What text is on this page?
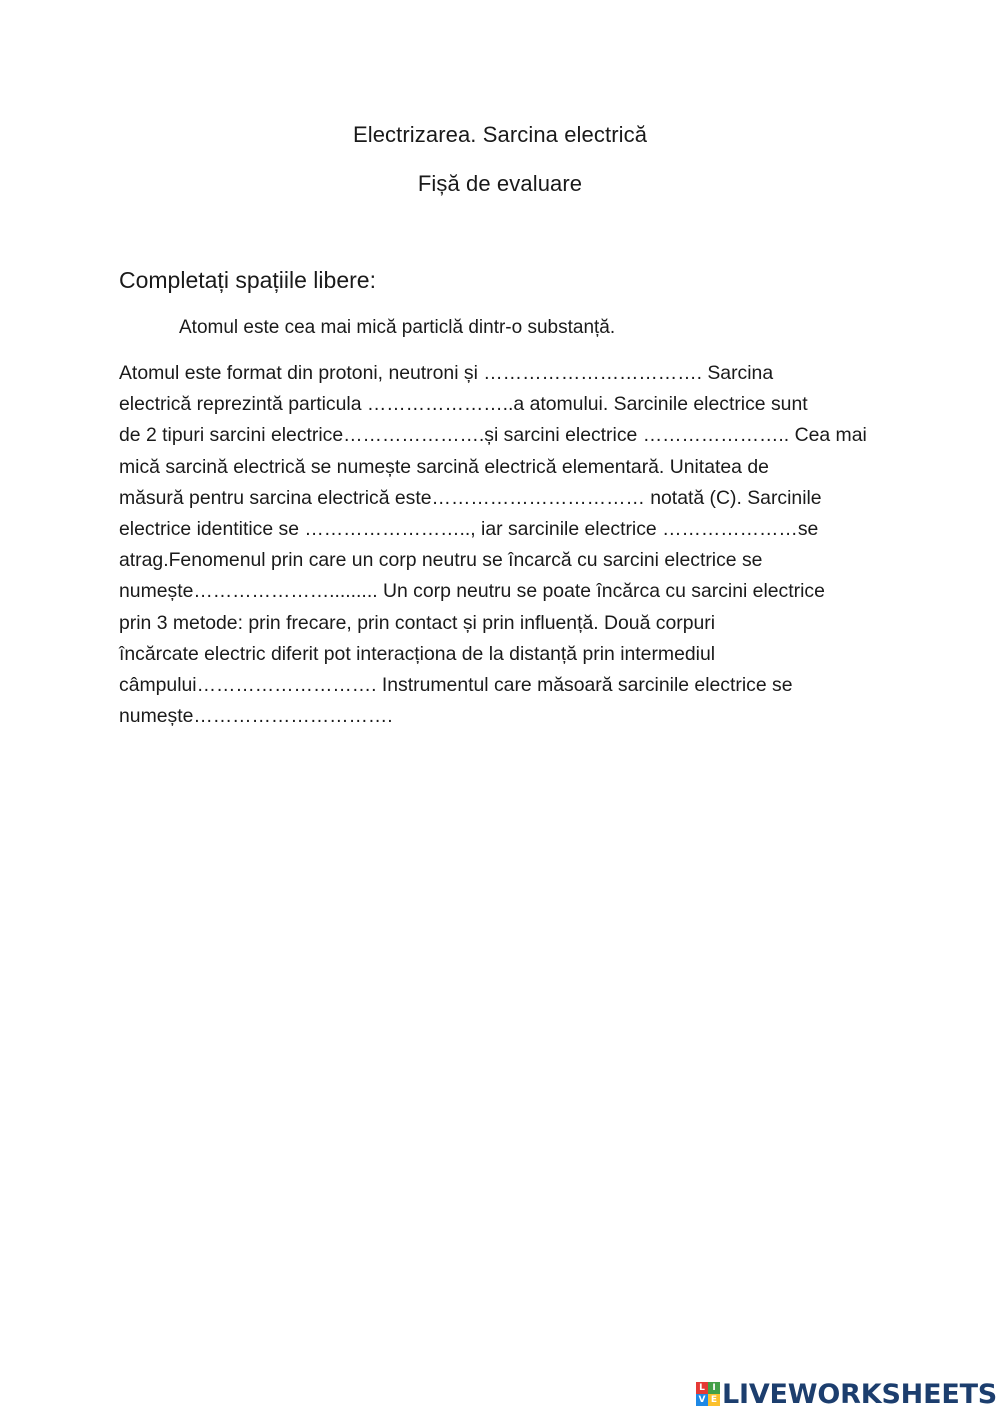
Electrizarea. Sarcina electrică
Fișă de evaluare
Completați spațiile libere:
Atomul este cea mai mică particlă dintr-o substanță.
Atomul este format din protoni, neutroni și ……………………………. Sarcina
electrică reprezintă particula …………………..a atomului. Sarcinile electrice sunt
de 2 tipuri sarcini electrice………………….și sarcini electrice ………………….. Cea mai
mică sarcină electrică se numește sarcină electrică elementară. Unitatea de
măsură pentru sarcina electrică este…………………………… notată (C). Sarcinile
electrice identitice se …………………….., iar sarcinile electrice …………………se
atrag.Fenomenul prin care un corp neutru se încarcă cu sarcini electrice se
numește…………………......... Un corp neutru se poate încărca cu sarcini electrice
prin 3 metode: prin frecare, prin contact și prin influență. Două corpuri
încărcate electric diferit pot interacționa de la distanță prin intermediul
câmpului………………………. Instrumentul care măsoară sarcinile electrice se
numește………………………….
L I
V E LIVEWORKSHEETS
